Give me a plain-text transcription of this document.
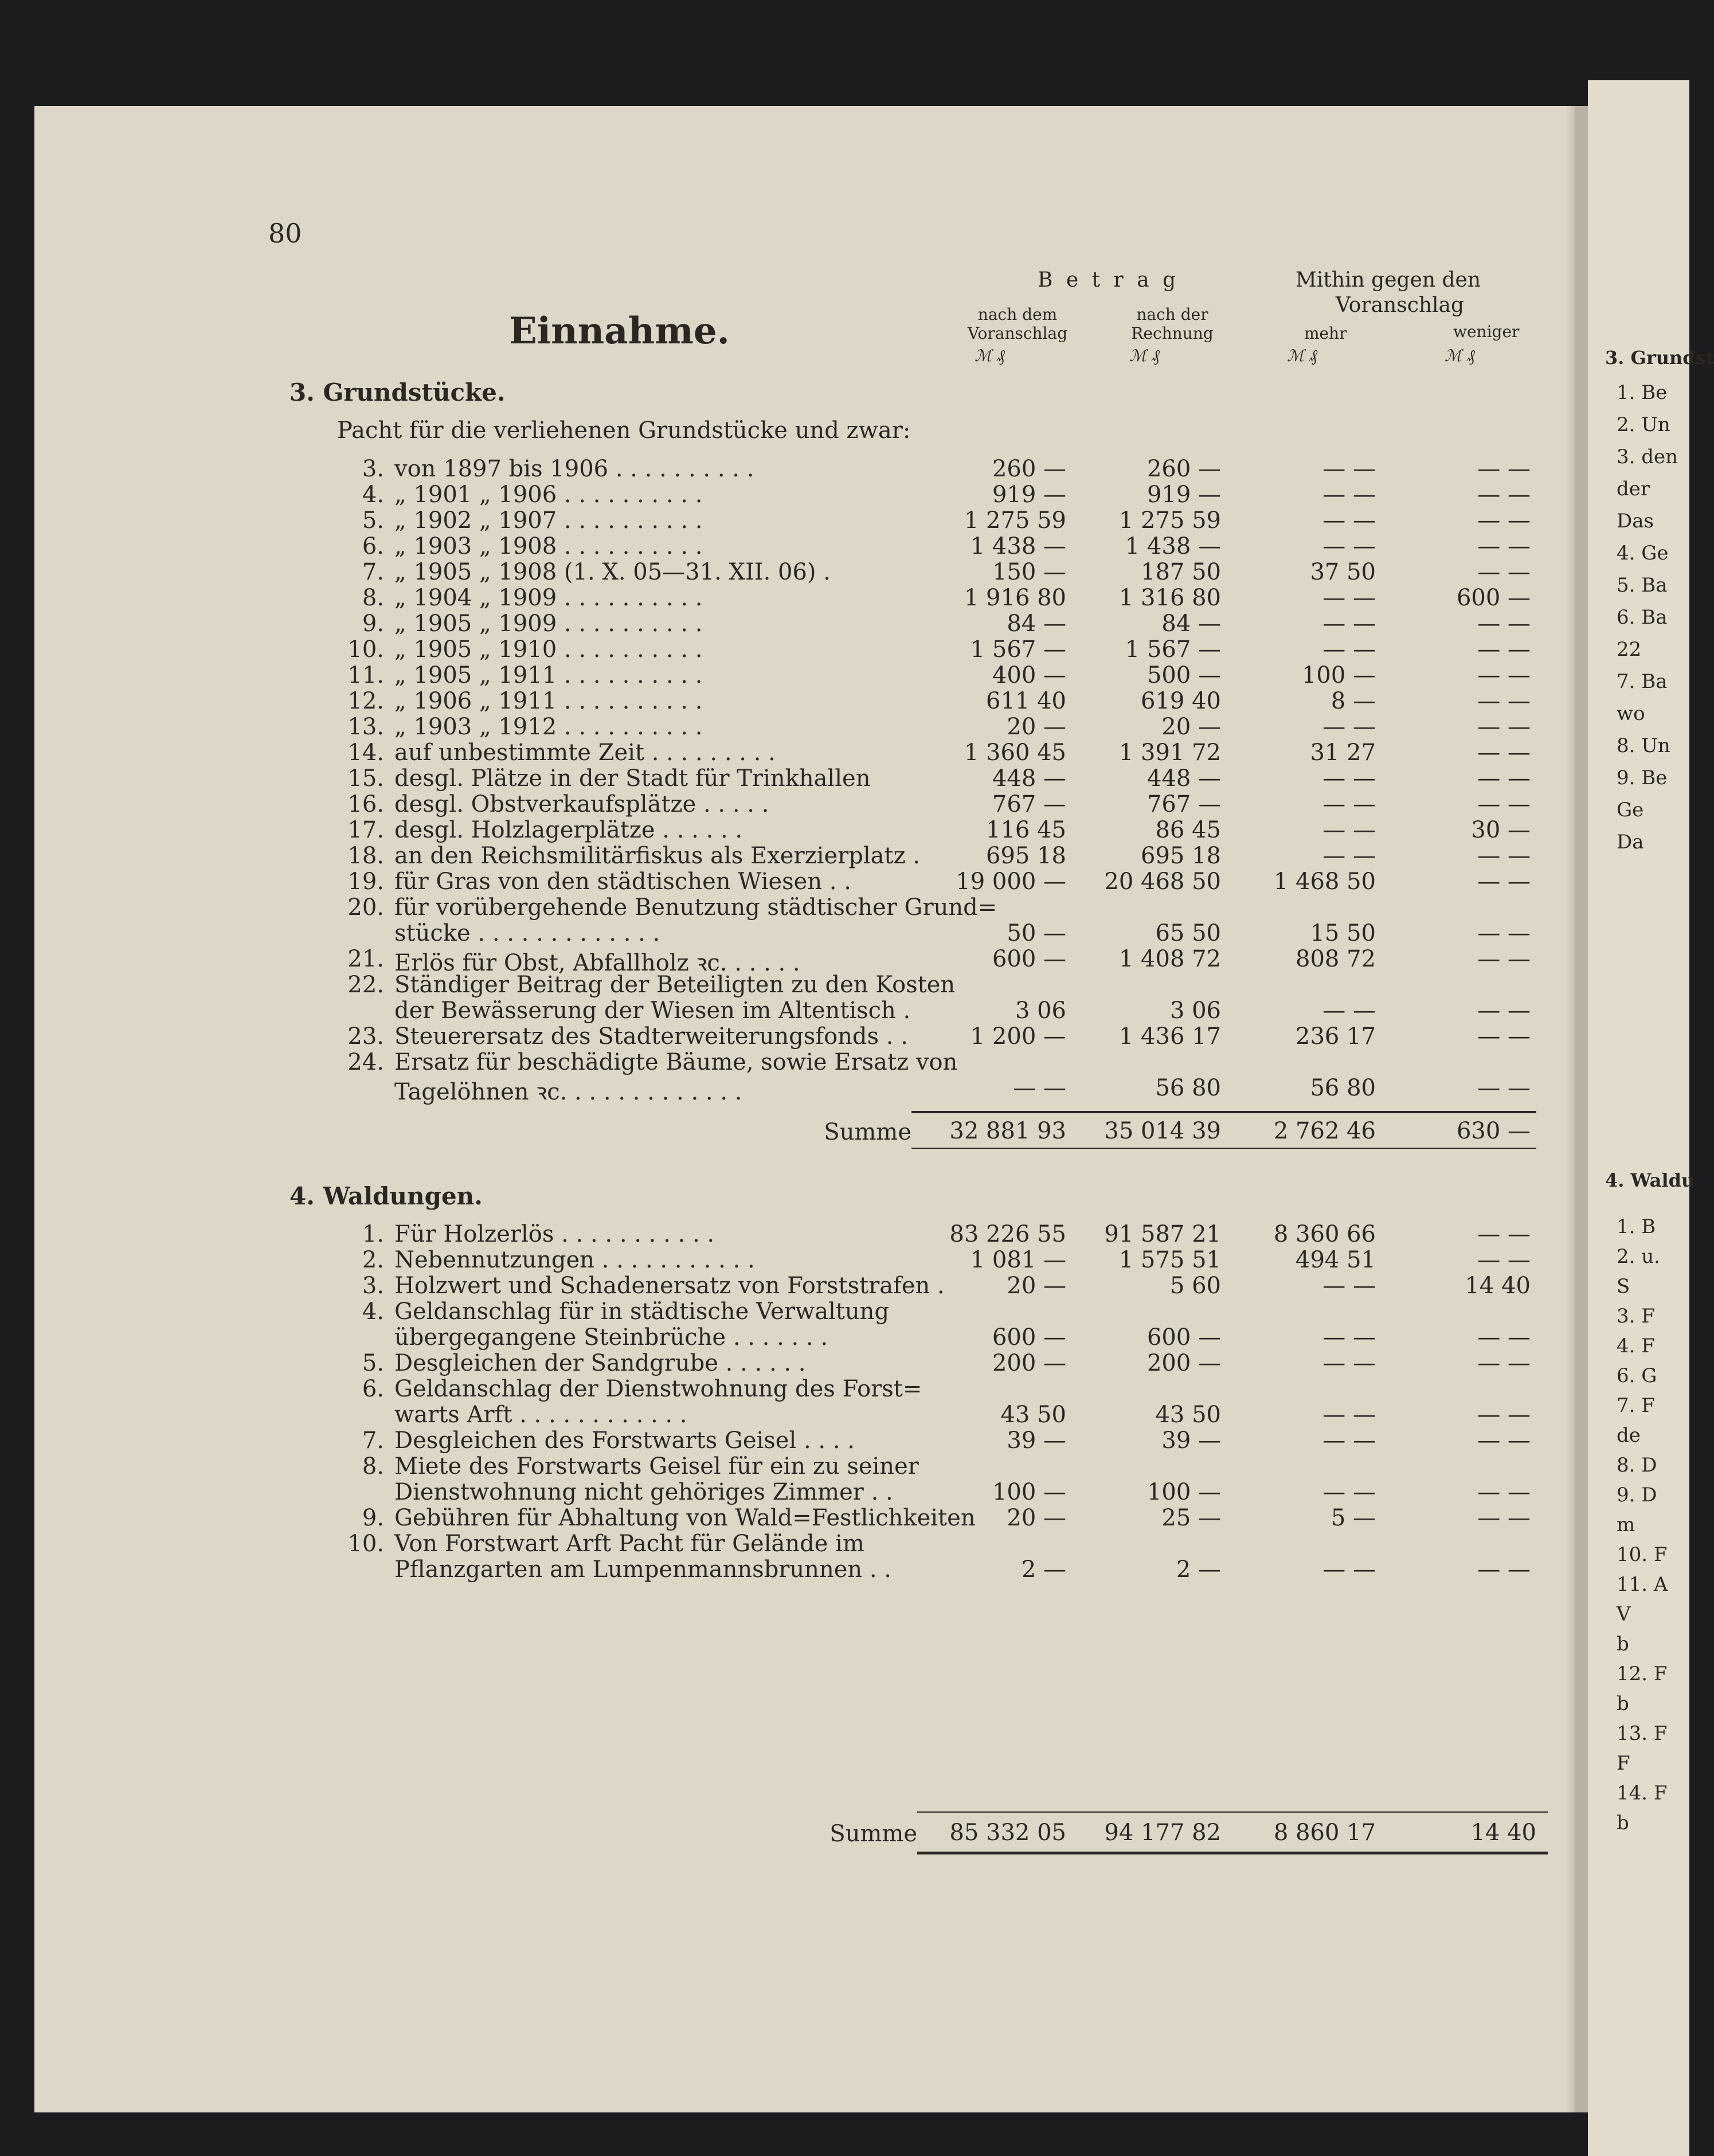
80
Einnahme.
B e t r a g
nach dem
Voranschlag
nach der
Rechnung
Mithin gegen den
Voranschlag
mehr	weniger
ℳ ₰	ℳ ₰	ℳ ₰	ℳ ₰
3. Grundstücke.
Pacht für die verliehenen Grundstücke und zwar:
3. von 1897 bis 1906 . . . . . . . . . .	260 —	260 —	— —	— —
4. „ 1901 „ 1906 . . . . . . . . . .	919 —	919 —	— —	— —
5. „ 1902 „ 1907 . . . . . . . . . .	1 275 59	1 275 59	— —	— —
6. „ 1903 „ 1908 . . . . . . . . . .	1 438 —	1 438 —	— —	— —
7. „ 1905 „ 1908 (1. X. 05—31. XII. 06) .	150 —	187 50	37 50	— —
8. „ 1904 „ 1909 . . . . . . . . . .	1 916 80	1 316 80	— —	600 —
9. „ 1905 „ 1909 . . . . . . . . . .	84 —	84 —	— —	— —
10. „ 1905 „ 1910 . . . . . . . . . .	1 567 —	1 567 —	— —	— —
11. „ 1905 „ 1911 . . . . . . . . . .	400 —	500 —	100 —	— —
12. „ 1906 „ 1911 . . . . . . . . . .	611 40	619 40	8 —	— —
13. „ 1903 „ 1912 . . . . . . . . . .	20 —	20 —	— —	— —
14. auf unbestimmte Zeit . . . . . . . . .	1 360 45	1 391 72	31 27	— —
15. desgl. Plätze in der Stadt für Trinkhallen	448 —	448 —	— —	— —
16. desgl. Obstverkaufsplätze . . . . .	767 —	767 —	— —	— —
17. desgl. Holzlagerplätze . . . . . .	116 45	86 45	— —	30 —
18. an den Reichsmilitärfiskus als Exerzierplatz .	695 18	695 18	— —	— —
19. für Gras von den städtischen Wiesen . .	19 000 —	20 468 50	1 468 50	— —
20. für vorübergehende Benutzung städtischer Grund=
stücke . . . . . . . . . . . . .	50 —	65 50	15 50	— —
21. Erlös für Obst, Abfallholz ꝛc. . . . . .	600 —	1 408 72	808 72	— —
22. Ständiger Beitrag der Beteiligten zu den Kosten
der Bewässerung der Wiesen im Altentisch .	3 06	3 06	— —	— —
23. Steuerersatz des Stadterweiterungsfonds . .	1 200 —	1 436 17	236 17	— —
24. Ersatz für beschädigte Bäume, sowie Ersatz von
Tagelöhnen ꝛc. . . . . . . . . . . . .	— —	56 80	56 80	— —
Summe	32 881 93	35 014 39	2 762 46	630 —
4. Waldungen.
1. Für Holzerlös . . . . . . . . . . .	83 226 55	91 587 21	8 360 66	— —
2. Nebennutzungen . . . . . . . . . . .	1 081 —	1 575 51	494 51	— —
3. Holzwert und Schadenersatz von Forststrafen .	20 —	5 60	— —	14 40
4. Geldanschlag für in städtische Verwaltung
übergegangene Steinbrüche . . . . . . .	600 —	600 —	— —	— —
5. Desgleichen der Sandgrube . . . . . .	200 —	200 —	— —	— —
6. Geldanschlag der Dienstwohnung des Forst=
warts Arft . . . . . . . . . . . .	43 50	43 50	— —	— —
7. Desgleichen des Forstwarts Geisel . . . .	39 —	39 —	— —	— —
8. Miete des Forstwarts Geisel für ein zu seiner
Dienstwohnung nicht gehöriges Zimmer . .	100 —	100 —	— —	— —
9. Gebühren für Abhaltung von Wald=Festlichkeiten	20 —	25 —	5 —	— —
10. Von Forstwart Arft Pacht für Gelände im
Pflanzgarten am Lumpenmannsbrunnen . .	2 —	2 —	— —	— —
Summe	85 332 05	94 177 82	8 860 17	14 40
3. Grundst
1. Be
2. Un
3. den
der
Das
4. Ge
5. Ba
6. Ba
22
7. Ba
wo
8. Un
9. Be
Ge
Da
4. Waldu
1. B
2. u.
S
3. F
4. F
6. G
7. F
de
8. D
9. D
m
10. F
11. A
V
b
12. F
b
13. F
F
14. F
b
